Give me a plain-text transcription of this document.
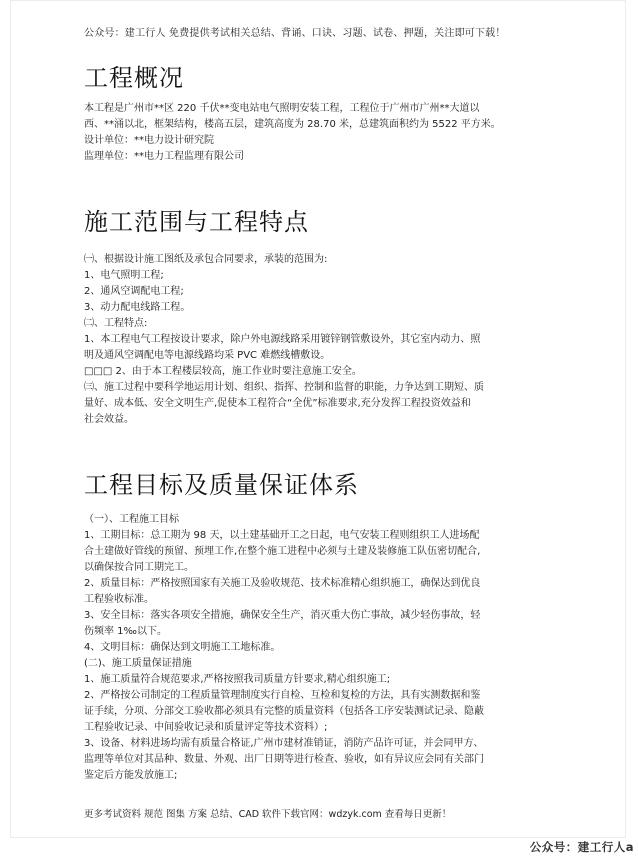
公众号：建工行人 免费提供考试相关总结、背诵、口诀、习题、试卷、押题，关注即可下载！
工程概况
本工程是广州市**区 220 千伏**变电站电气照明安装工程，工程位于广州市广州**大道以
西、**涌以北，框架结构，楼高五层，建筑高度为 28.70 米，总建筑面积约为 5522 平方米。
设计单位：**电力设计研究院
监理单位：**电力工程监理有限公司
施工范围与工程特点
㈠、根据设计施工图纸及承包合同要求，承装的范围为:
1、电气照明工程;
2、通风空调配电工程;
3、动力配电线路工程。
㈡、工程特点:
1、本工程电气工程按设计要求，除户外电源线路采用镀锌钢管敷设外，其它室内动力、照
明及通风空调配电等电源线路均采 PVC 难燃线槽敷设。
□□□ 2、由于本工程楼层较高，施工作业时要注意施工安全。
㈢、施工过程中要科学地运用计划、组织、指挥、控制和监督的职能，力争达到工期短、质
量好、成本低、安全文明生产,促使本工程符合“全优”标准要求,充分发挥工程投资效益和
社会效益。
工程目标及质量保证体系
（一）、工程施工目标
1、工期目标：总工期为 98 天，以土建基础开工之日起，电气安装工程则组织工人进场配
合土建做好管线的预留、预埋工作,在整个施工进程中必须与土建及装修施工队伍密切配合,
以确保按合同工期完工。
2、质量目标：严格按照国家有关施工及验收规范、技术标准精心组织施工，确保达到优良
工程验收标准。
3、安全目标：落实各项安全措施，确保安全生产，消灭重大伤亡事故，减少轻伤事故，轻
伤频率 1‰以下。
4、文明目标：确保达到文明施工工地标准。
(二)、施工质量保证措施
1、施工质量符合规范要求,严格按照我司质量方针要求,精心组织施工;
2、严格按公司制定的工程质量管理制度实行自检、互检和复检的方法，具有实测数据和鉴
证手续，分项、分部交工验收都必须具有完整的质量资料（包括各工序安装测试记录、隐蔽
工程验收记录、中间验收记录和质量评定等技术资料）;
3、设备、材料进场均需有质量合格证,广州市建材准销证，消防产品许可证，并会同甲方、
监理等单位对其品种、数量、外观、出厂日期等进行检查、验收，如有异议应会同有关部门
鉴定后方能发放施工;
更多考试资料 规范 图集 方案 总结、CAD 软件下载官网：wdzyk.com 查看每日更新！
公众号：建工行人a
